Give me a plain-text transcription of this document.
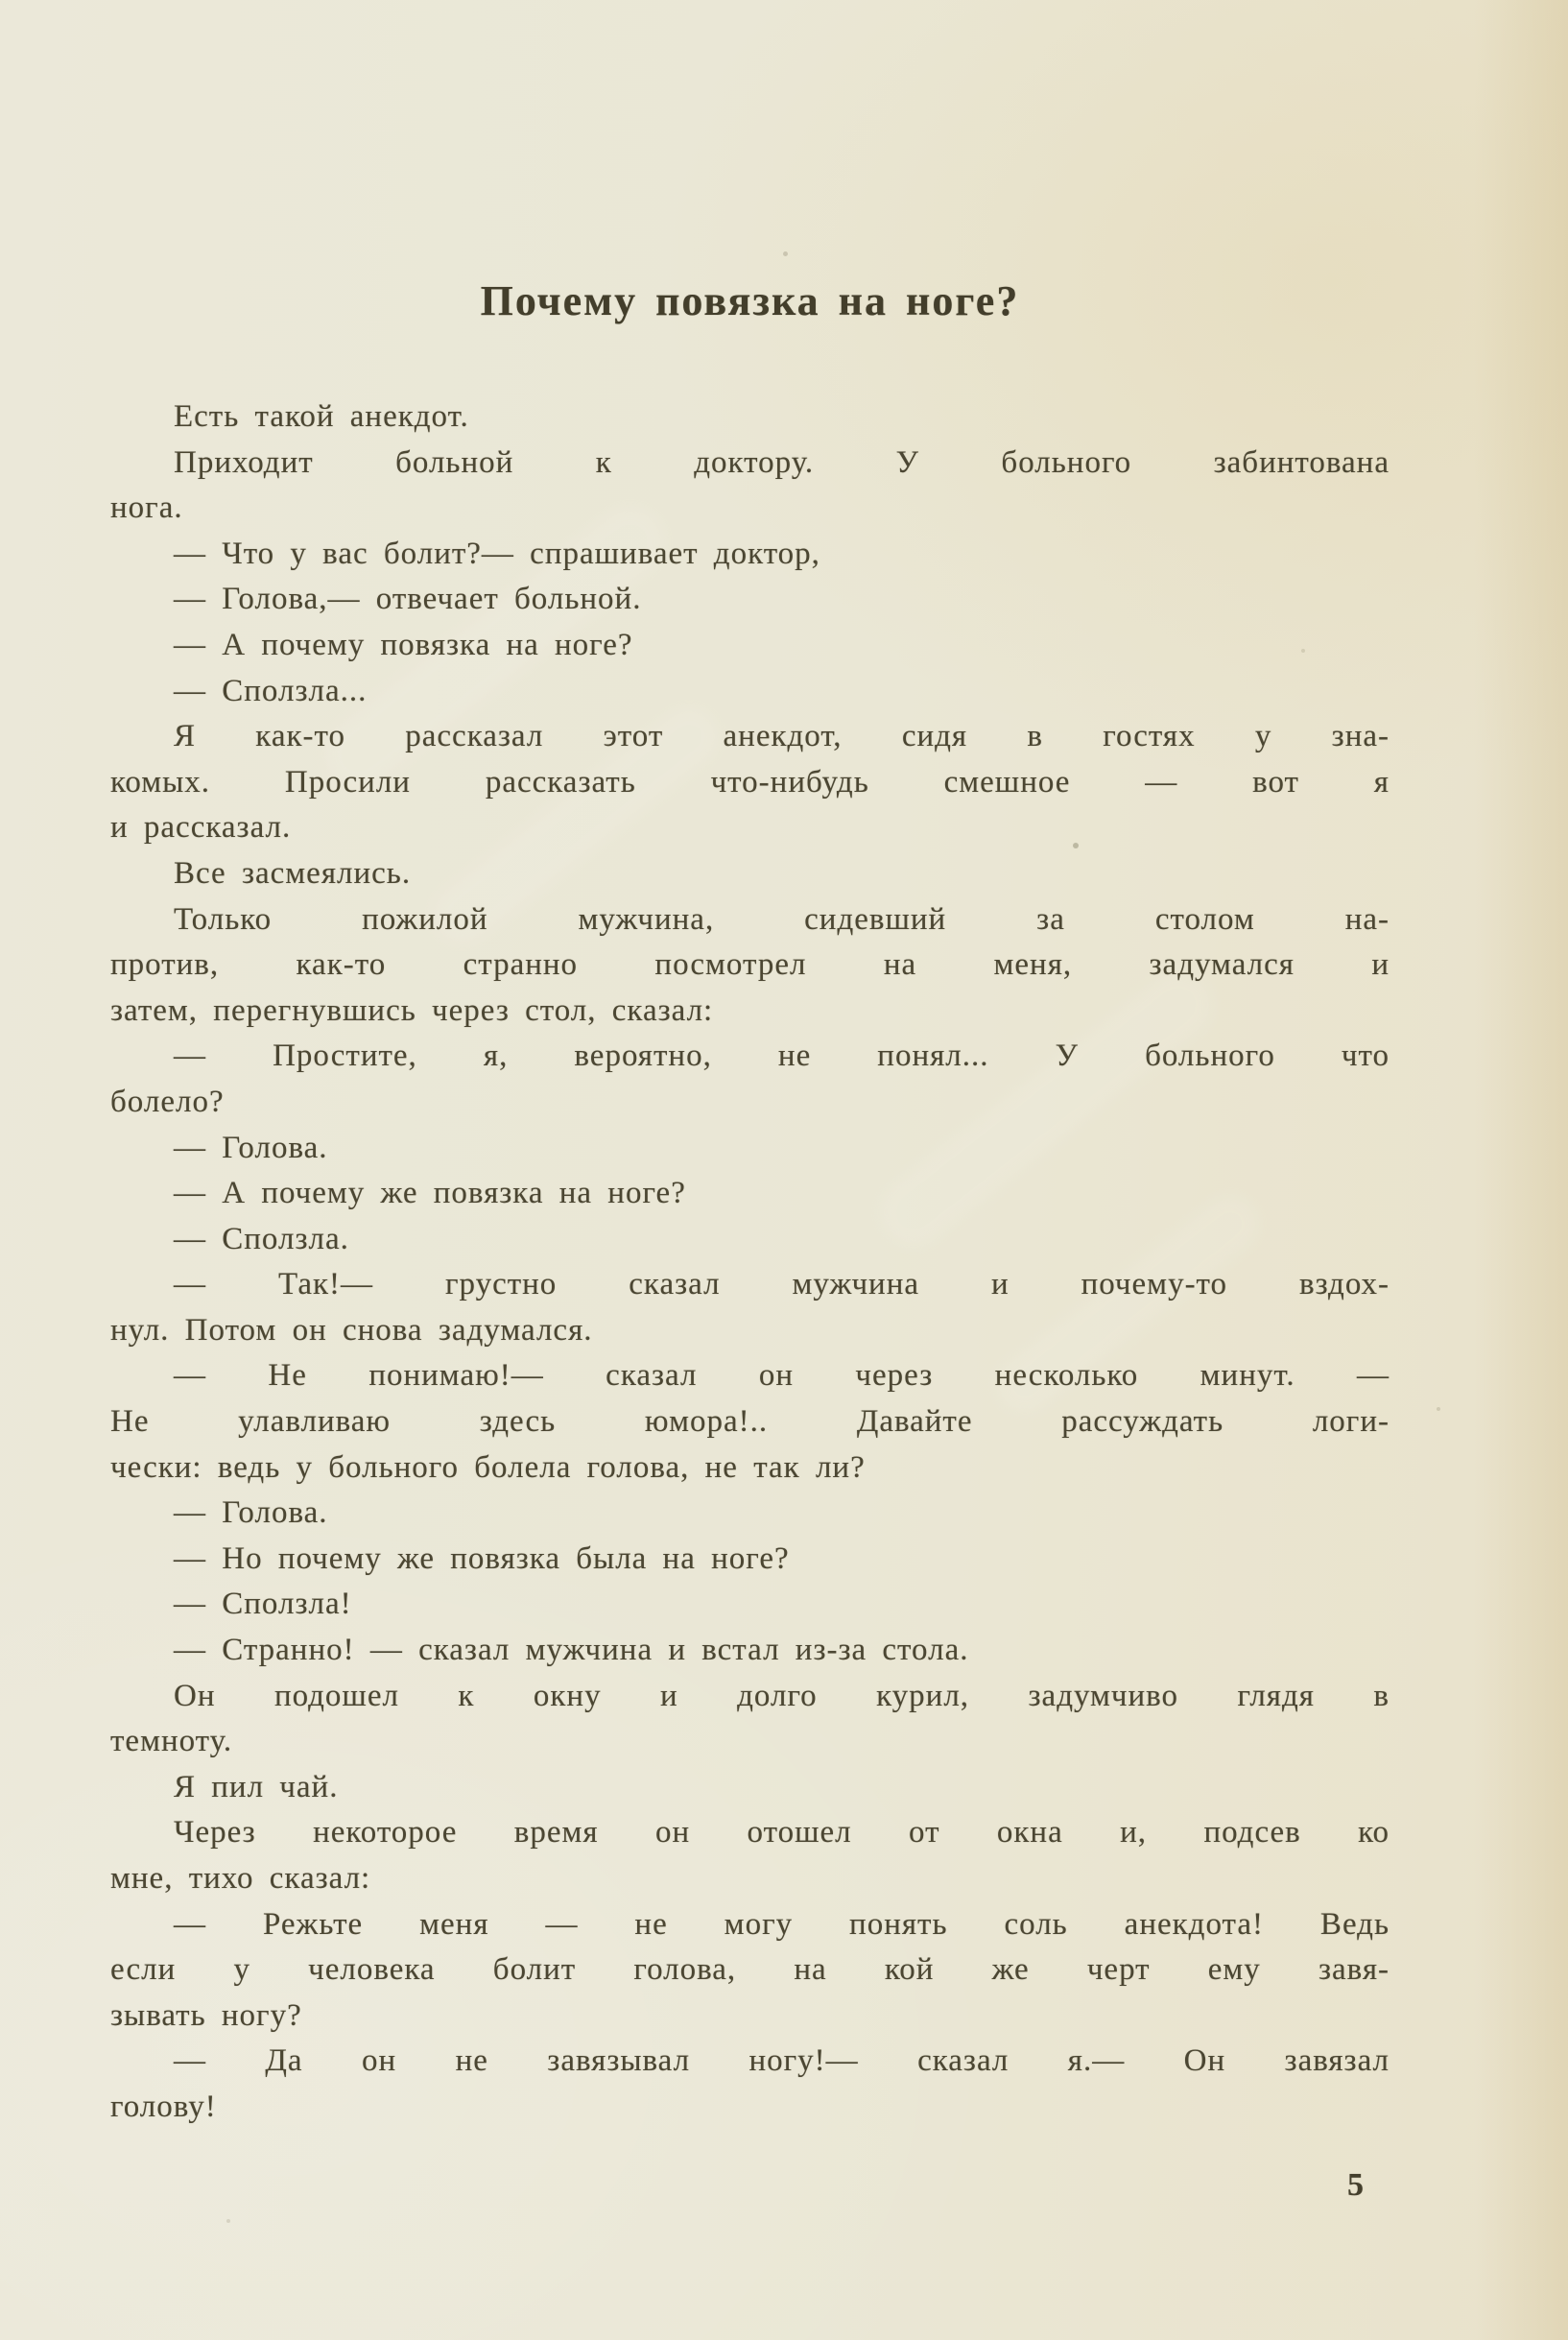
Почему повязка на ноге?
Есть такой анекдот.
Приходит больной к доктору. У больного забинтована
нога.
— Что у вас болит?— спрашивает доктор,
— Голова,— отвечает больной.
— А почему повязка на ноге?
— Сползла...
Я как-то рассказал этот анекдот, сидя в гостях у зна-
комых. Просили рассказать что-нибудь смешное — вот я
и рассказал.
Все засмеялись.
Только пожилой мужчина, сидевший за столом на-
против, как-то странно посмотрел на меня, задумался и
затем, перегнувшись через стол, сказал:
— Простите, я, вероятно, не понял... У больного что
болело?
— Голова.
— А почему же повязка на ноге?
— Сползла.
— Так!— грустно сказал мужчина и почему-то вздох-
нул. Потом он снова задумался.
— Не понимаю!— сказал он через несколько минут. —
Не улавливаю здесь юмора!.. Давайте рассуждать логи-
чески: ведь у больного болела голова, не так ли?
— Голова.
— Но почему же повязка была на ноге?
— Сползла!
— Странно! — сказал мужчина и встал из-за стола.
Он подошел к окну и долго курил, задумчиво глядя в
темноту.
Я пил чай.
Через некоторое время он отошел от окна и, подсев ко
мне, тихо сказал:
— Режьте меня — не могу понять соль анекдота! Ведь
если у человека болит голова, на кой же черт ему завя-
зывать ногу?
— Да он не завязывал ногу!— сказал я.— Он завязал
голову!
5
